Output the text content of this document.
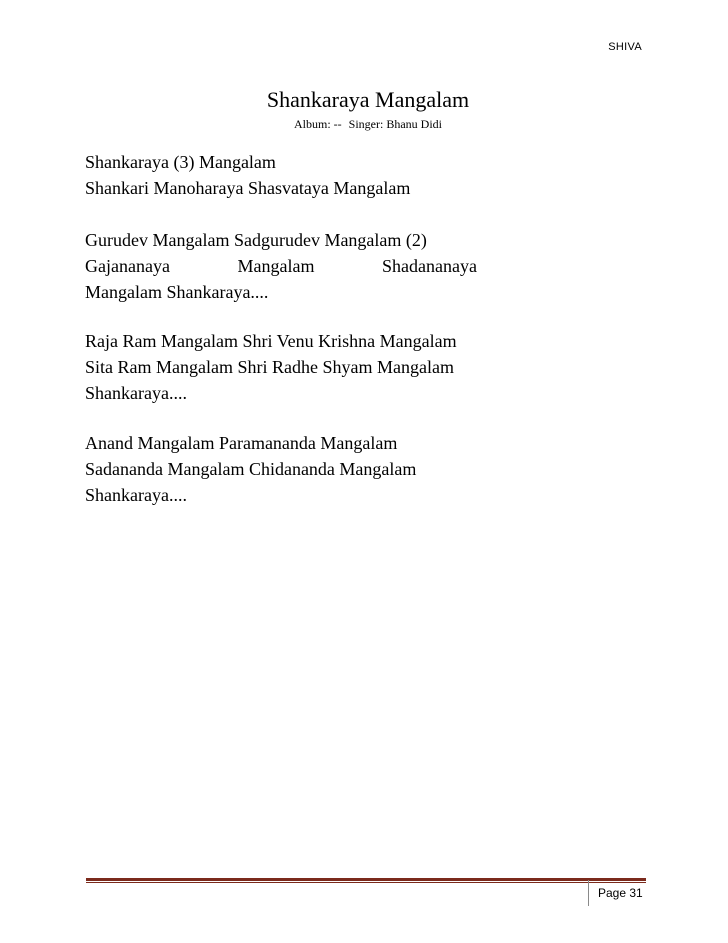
SHIVA
Shankaraya Mangalam
Album: -- Singer: Bhanu Didi
Shankaraya (3) Mangalam
Shankari Manoharaya Shasvataya Mangalam
Gurudev Mangalam Sadgurudev Mangalam (2)
Gajananaya	Mangalam	Shadananaya
Mangalam Shankaraya....
Raja Ram Mangalam Shri Venu Krishna Mangalam
Sita Ram Mangalam Shri Radhe Shyam Mangalam
Shankaraya....
Anand Mangalam Paramananda Mangalam
Sadananda Mangalam Chidananda Mangalam
Shankaraya....
Page 31
